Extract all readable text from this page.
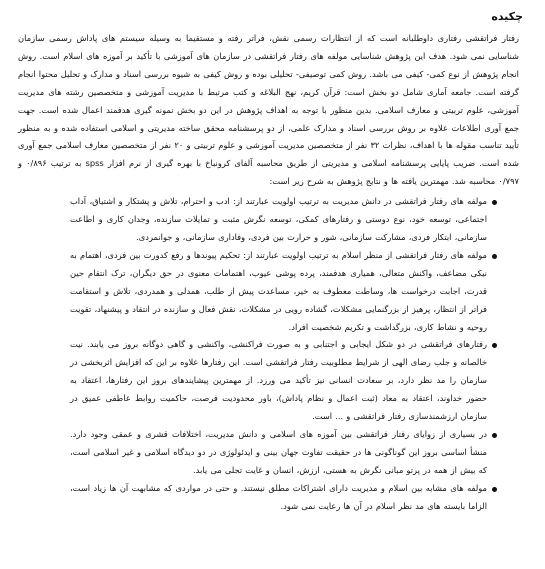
چکیده

رفتار فراتقشی رفتاری داوطلبانه است که از انتظارات رسمی نقش، فراتر رفته و مستقیما به وسیله سیستم های پاداش رسمی سازمان شناسایی نمی شود. هدف این پژوهش شناسایی مولفه های رفتار فراتقشی در سازمان های آموزشی با تأکید بر آموزه های اسلام است. روش انجام پژوهش از نوع کمی- کیفی می باشد. روش کمی توصیفی- تحلیلی بوده و روش کیفی به شیوه بررسی اسناد و مدارک و تحلیل محتوا انجام گرفته است. جامعه آماری شامل دو بخش است: قرآن کریم، نهج البلاغه و کتب مرتبط با مدیریت آموزشی و متخصصین رشته های مدیریت آموزشی، علوم تربیتی و معارف اسلامی. بدین منظور با توجه به اهداف پژوهش در این دو بخش نمونه گیری هدفمند اعمال شده است. جهت جمع آوری اطلاعات علاوه بر روش بررسی اسناد و مدارک علمی، از دو پرسشنامه محقق ساخته مدیریتی و اسلامی استفاده شده و به منظور تأیید تناسب مقوله ها با اهداف، نظرات ۳۲ نفر از متخصصین مدیریت آموزشی و علوم تربیتی و ۲۰ نفر از متخصصین معارف اسلامی جمع آوری شده است. ضریب پایایی پرسشنامه اسلامی و مدیریتی از طریق محاسبه آلفای کرونباخ با بهره گیری از نرم افزار spss به ترتیب ۰/۸۹۶ و ۰/۷۹۷ محاسبه شد. مهمترین یافته ها و نتایج پژوهش به شرح زیر است:

مولفه های رفتار فراتقشی در دانش مدیریت به ترتیب اولویت عبارتند از: ادب و احترام، تلاش و پشتکار و اشتیاق، آداب اجتماعی، توسعه خود، نوع دوستی و رفتارهای کمکی، توسعه نگرش مثبت و تمایلات سازنده، وجدان کاری و اطاعت سازمانی، ابتکار فردی، مشارکت سازمانی، شور و حرارت بین فردی، وفاداری سازمانی، و جوانمردی.
مولفه های رفتار فراتقشی از منظر اسلام به ترتیب اولویت عبارتند از: تحکیم پیوندها و رفع کدورت بین فردی، اهتمام به نیکی مضاعف، واکنش متعالی، همیاری هدفمند، پرده پوشی عیوب، اهتمامات معنوی در حق دیگران، ترک انتقام حین قدرت، اجابت درخواست ها، وساطت معطوف به خیر، مساعدت پیش از طلب، همدلی و همدردی، تلاش و استقامت فراتر از انتظار، پرهیز از بزرگنمایی مشکلات، گشاده رویی در مشکلات، نقش فعال و سازنده در انتقاد و پیشنهاد، تقویت روحیه و نشاط کاری، بزرگداشت و تکریم شخصیت افراد.
رفتارهای فراتقشی در دو شکل ایجابی و اجتنابی و به صورت فراکنشی، واکنشی و گاهی دوگانه بروز می یابند. نیت خالصانه و جلب رضای الهی از شرایط مطلوبیت رفتار فراتقشی است. این رفتارها علاوه بر این که افزایش اثربخشی در سازمان را مد نظر دارد، بر سعادت انسانی نیز تأکید می ورزد. از مهمترین پیشایندهای بروز این رفتارها، اعتقاد به حضور خداوند، اعتقاد به معاد (ثبت اعمال و نظام پاداش)، باور محدودیت فرصت، حاکمیت روابط عاطفی عمیق در سازمان ارزشمندسازی رفتار فراتقشی و ... است.
در بسیاری از زوایای رفتار فراتقشی بین آموزه های اسلامی و دانش مدیریت، اختلافات قشری و عمقی وجود دارد. منشأ اساسی بروز این گوناگونی ها در حقیقت تفاوت جهان بینی و ایدئولوژی در دو دیدگاه اسلامی و غیر اسلامی است، که بیش از همه در پرتو مبانی نگرش به هستی، ارزش، انسان و غایت تجلی می یابد.
مولفه های مشابه بین اسلام و مدیریت دارای اشتراکات مطلق نیستند. و حتی در مواردی که مشابهت آن ها زیاد است، الزاما بایسته های مد نظر اسلام در آن ها رعایت نمی شود.
